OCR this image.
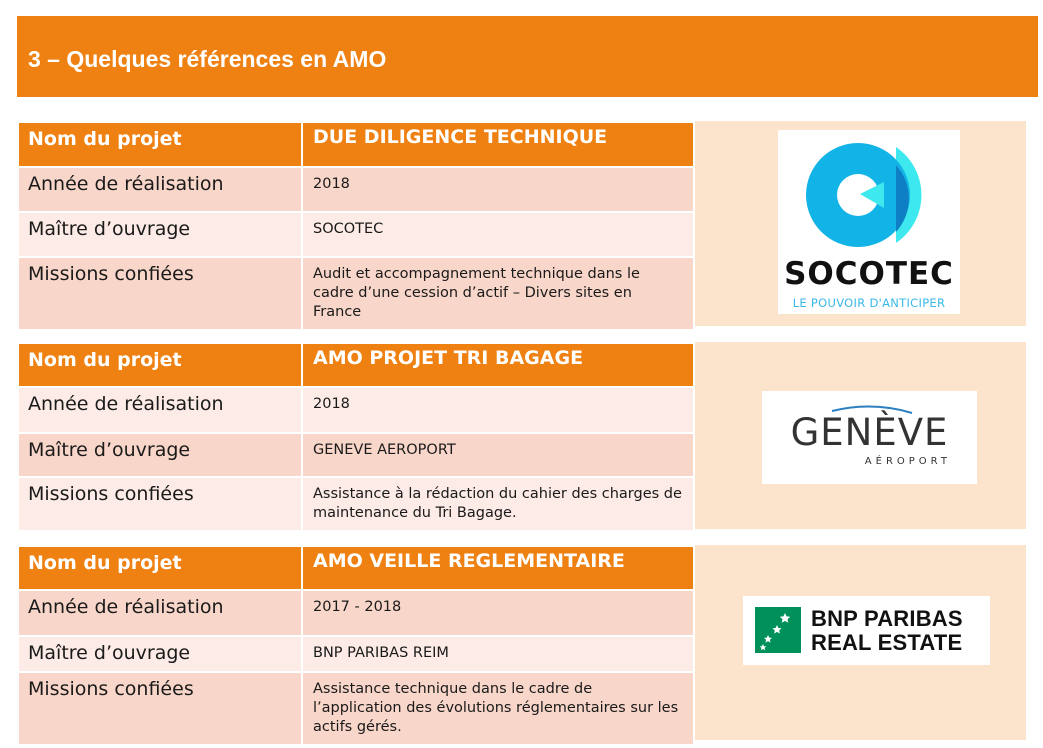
3 – Quelques références en AMO
Nom du projet	DUE DILIGENCE TECHNIQUE
Année de réalisation	2018
Maître d’ouvrage	SOCOTEC
Missions confiées	Audit et accompagnement technique dans le cadre d’une cession d’actif – Divers sites en France
SOCOTEC
LE POUVOIR D'ANTICIPER
Nom du projet	AMO PROJET TRI BAGAGE
Année de réalisation	2018
Maître d’ouvrage	GENEVE AEROPORT
Missions confiées	Assistance à la rédaction du cahier des charges de maintenance du Tri Bagage.
GENÈVE
AÉROPORT
Nom du projet	AMO VEILLE REGLEMENTAIRE
Année de réalisation	2017 - 2018
Maître d’ouvrage	BNP PARIBAS REIM
Missions confiées	Assistance technique dans le cadre de l’application des évolutions réglementaires sur les actifs gérés.
BNP PARIBAS
REAL ESTATE
